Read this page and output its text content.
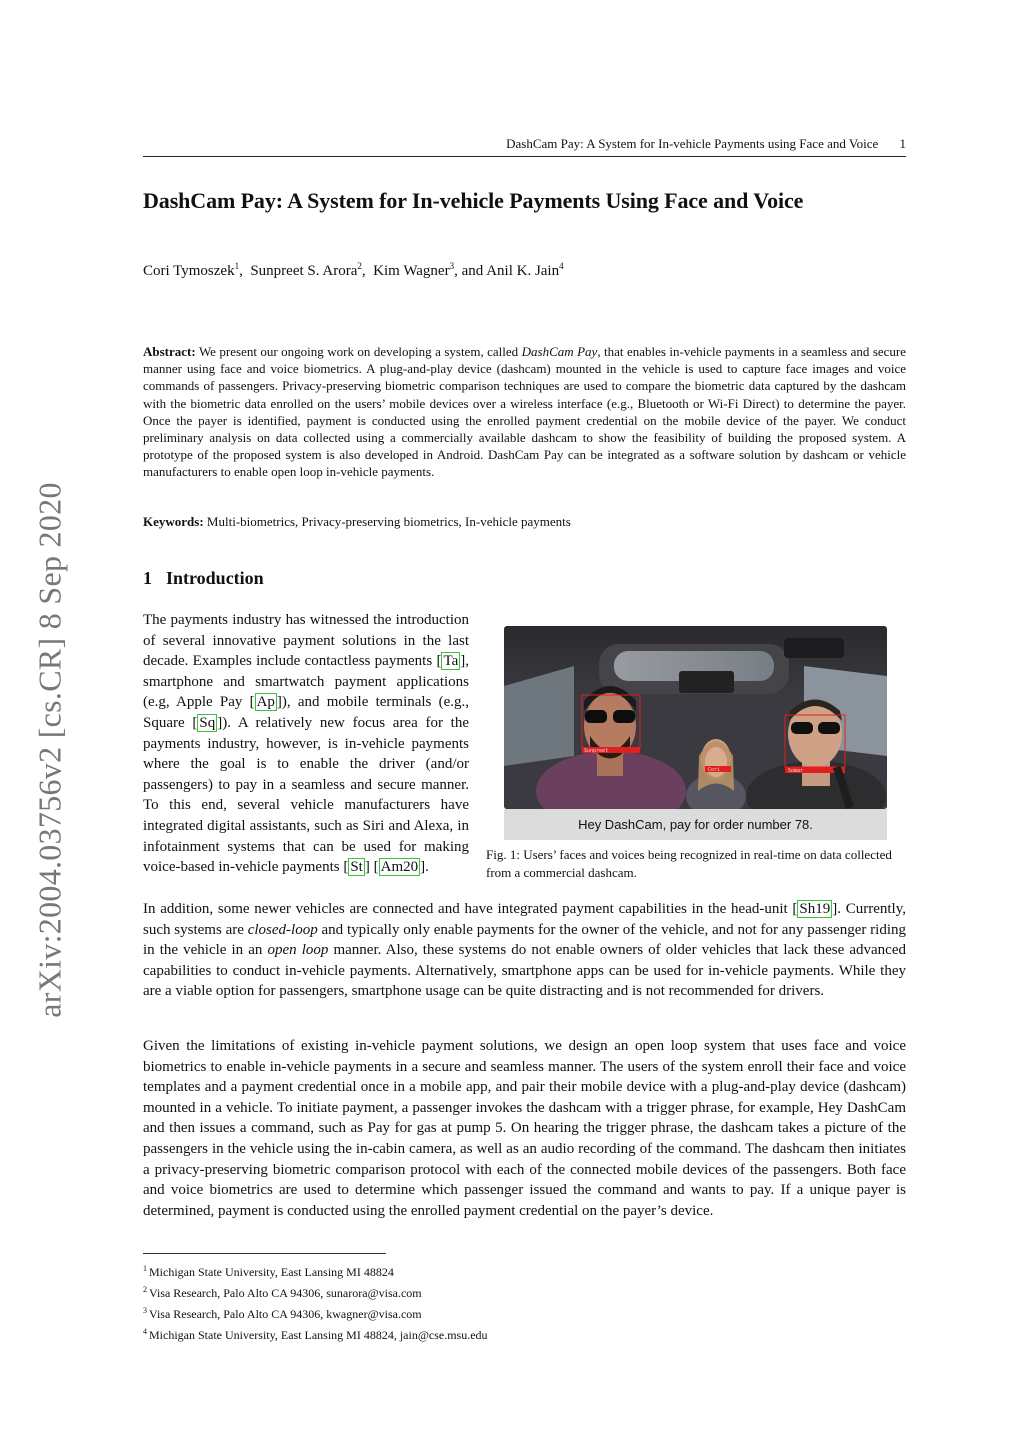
arXiv:2004.03756v2 [cs.CR] 8 Sep 2020
DashCam Pay: A System for In-vehicle Payments using Face and Voice 1
DashCam Pay: A System for In-vehicle Payments Using Face and Voice
Cori Tymoszek$^1$,  Sunpreet S. Arora$^2$,  Kim Wagner$^3$, and Anil K. Jain$^4$

Abstract: We present our ongoing work on developing a system, called DashCam Pay, that enables in-vehicle payments in a seamless and secure manner using face and voice biometrics. A plug-and-play device (dashcam) mounted in the vehicle is used to capture face images and voice commands of passengers. Privacy-preserving biometric comparison techniques are used to compare the biometric data captured by the dashcam with the biometric data enrolled on the users’ mobile devices over a wireless interface (e.g., Bluetooth or Wi-Fi Direct) to determine the payer. Once the payer is identified, payment is conducted using the enrolled payment credential on the mobile device of the payer. We conduct preliminary analysis on data collected using a commercially available dashcam to show the feasibility of building the proposed system. A prototype of the proposed system is also developed in Android. DashCam Pay can be integrated as a software solution by dashcam or vehicle manufacturers to enable open loop in-vehicle payments.

Keywords: Multi-biometrics, Privacy-preserving biometrics, In-vehicle payments

1 Introduction

The payments industry has witnessed the introduction of several innovative payment solutions in the last decade. Examples include contactless payments [ Ta ], smartphone and smartwatch payment applications (e.g, Apple Pay [ Ap ]), and mobile terminals (e.g., Square [ Sq ]). A relatively new focus area for the payments industry, however, is in-vehicle payments where the goal is to enable the driver (and/or passengers) to pay in a seamless and secure manner. To this end, several vehicle manufacturers have integrated digital assistants, such as Siri and Alexa, in infotainment systems that can be used for making voice-based in-vehicle payments [ St ] [ Am20 ].

Sunpreet
Cori	Somar
Hey DashCam, pay for order number 78.

Fig. 1: Users’ faces and voices being recognized in real-time on data collected from a commercial dashcam.

In addition, some newer vehicles are connected and have integrated payment capabilities in the head-unit [ Sh19 ]. Currently, such systems are closed-loop and typically only enable payments for the owner of the vehicle, and not for any passenger riding in the vehicle in an open loop manner. Also, these systems do not enable owners of older vehicles that lack these advanced capabilities to conduct in-vehicle payments. Alternatively, smartphone apps can be used for in-vehicle payments. While they are a viable option for passengers, smartphone usage can be quite distracting and is not recommended for drivers.

Given the limitations of existing in-vehicle payment solutions, we design an open loop system that uses face and voice biometrics to enable in-vehicle payments in a secure and seamless manner. The users of the system enroll their face and voice templates and a payment credential once in a mobile app, and pair their mobile device with a plug-and-play device (dashcam) mounted in a vehicle. To initiate payment, a passenger invokes the dashcam with a trigger phrase, for example, Hey DashCam and then issues a command, such as Pay for gas at pump 5. On hearing the trigger phrase, the dashcam takes a picture of the passengers in the vehicle using the in-cabin camera, as well as an audio recording of the command. The dashcam then initiates a privacy-preserving biometric comparison protocol with each of the connected mobile devices of the passengers. Both face and voice biometrics are used to determine which passenger issued the command and wants to pay. If a unique payer is determined, payment is conducted using the enrolled payment credential on the payer’s device.

$^1$ Michigan State University, East Lansing MI 48824
$^2$ Visa Research, Palo Alto CA 94306, sunarora@visa.com
$^3$ Visa Research, Palo Alto CA 94306, kwagner@visa.com
$^4$ Michigan State University, East Lansing MI 48824, jain@cse.msu.edu
